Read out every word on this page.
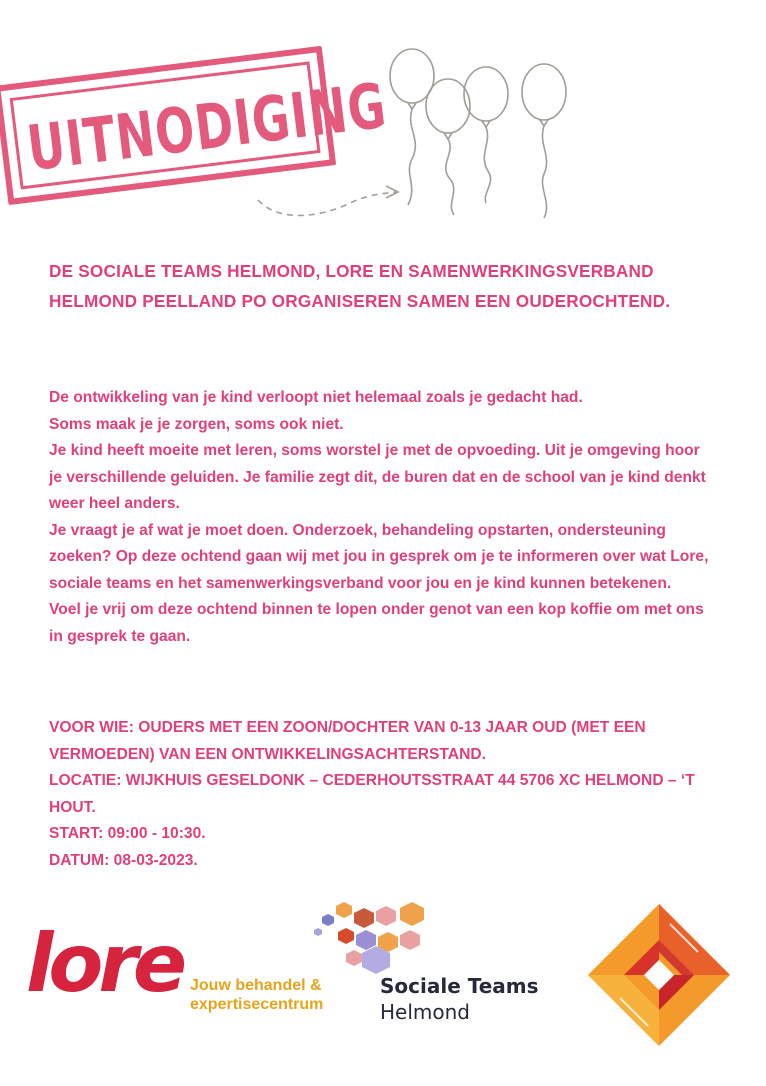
UITNODIGING
DE SOCIALE TEAMS HELMOND, LORE EN SAMENWERKINGSVERBAND HELMOND PEELLAND PO ORGANISEREN SAMEN EEN OUDEROCHTEND.

De ontwikkeling van je kind verloopt niet helemaal zoals je gedacht had.

Soms maak je je zorgen, soms ook niet.

Je kind heeft moeite met leren, soms worstel je met de opvoeding. Uit je omgeving hoor je verschillende geluiden. Je familie zegt dit, de buren dat en de school van je kind denkt weer heel anders.

Je vraagt je af wat je moet doen. Onderzoek, behandeling opstarten, ondersteuning zoeken? Op deze ochtend gaan wij met jou in gesprek om je te informeren over wat Lore, sociale teams en het samenwerkingsverband voor jou en je kind kunnen betekenen.

Voel je vrij om deze ochtend binnen te lopen onder genot van een kop koffie om met ons in gesprek te gaan.

VOOR WIE: OUDERS MET EEN ZOON/DOCHTER VAN 0-13 JAAR OUD (MET EEN VERMOEDEN) VAN EEN ONTWIKKELINGSACHTERSTAND.

LOCATIE: WIJKHUIS GESELDONK – CEDERHOUTSSTRAAT 44 5706 XC HELMOND – ‘T HOUT.

START: 09:00 - 10:30.

DATUM: 08-03-2023.

lore Jouw behandel & expertisecentrum
Sociale Teams
Helmond
